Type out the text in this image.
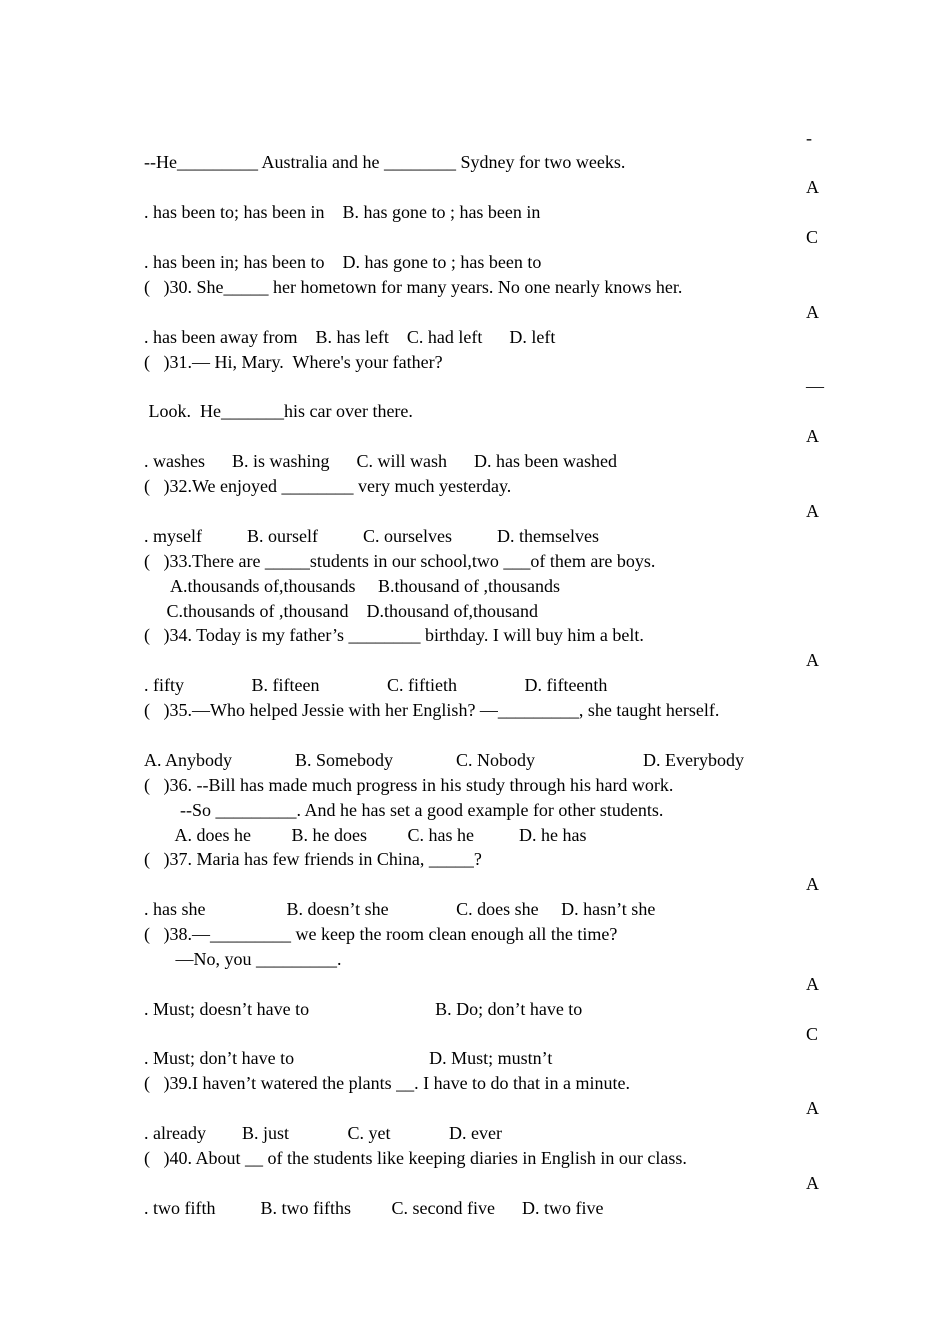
-
--He_________ Australia and he ________ Sydney for two weeks.
A
. has been to; has been in    B. has gone to ; has been in
C
. has been in; has been to    D. has gone to ; has been to
(   )30. She_____ her hometown for many years. No one nearly knows her.
A
. has been away from    B. has left    C. had left      D. left
(   )31.— Hi, Mary.  Where's your father?
—
Look.  He_______his car over there.
A
. washes      B. is washing      C. will wash      D. has been washed
(   )32.We enjoyed ________ very much yesterday.
A
. myself          B. ourself          C. ourselves          D. themselves
(   )33.There are _____students in our school,two ___of them are boys.
A.thousands of,thousands     B.thousand of ,thousands
C.thousands of ,thousand    D.thousand of,thousand
(   )34. Today is my father’s ________ birthday. I will buy him a belt.
A
. fifty               B. fifteen               C. fiftieth               D. fifteenth
(   )35.—Who helped Jessie with her English? —_________, she taught herself.
A. Anybody              B. Somebody              C. Nobody                        D. Everybody
(   )36. --Bill has made much progress in his study through his hard work.
--So _________. And he has set a good example for other students.
A. does he         B. he does         C. has he          D. he has
(   )37. Maria has few friends in China, _____?
A
. has she                  B. doesn’t she               C. does she     D. hasn’t she
(   )38.—_________ we keep the room clean enough all the time?
—No, you _________.
A
. Must; doesn’t have to                            B. Do; don’t have to
C
. Must; don’t have to                              D. Must; mustn’t
(   )39.I haven’t watered the plants __. I have to do that in a minute.
A
. already        B. just             C. yet             D. ever
(   )40. About __ of the students like keeping diaries in English in our class.
A
. two fifth          B. two fifths         C. second five      D. two five
